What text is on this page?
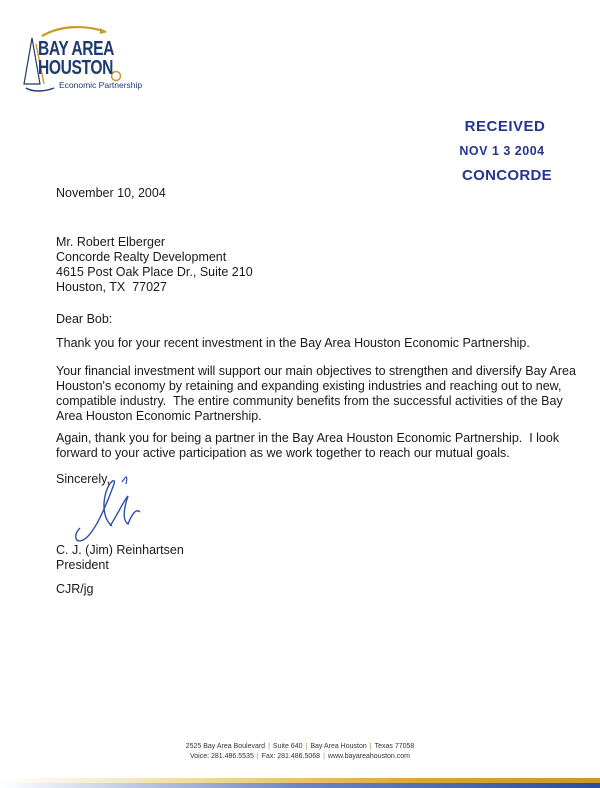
BAY AREA
HOUSTON
Economic Partnership
RECEIVED
NOV 1 3 2004
CONCORDE
November 10, 2004
Mr. Robert Elberger
Concorde Realty Development
4615 Post Oak Place Dr., Suite 210
Houston, TX  77027
Dear Bob:
Thank you for your recent investment in the Bay Area Houston Economic Partnership.
Your financial investment will support our main objectives to strengthen and diversify Bay Area Houston's economy by retaining and expanding existing industries and reaching out to new, compatible industry.  The entire community benefits from the successful activities of the Bay Area Houston Economic Partnership.
Again, thank you for being a partner in the Bay Area Houston Economic Partnership.  I look forward to your active participation as we work together to reach our mutual goals.
Sincerely,
C. J. (Jim) Reinhartsen
President
CJR/jg
2525 Bay Area Boulevard | Suite 640 | Bay Area Houston | Texas 77058
Voice: 281.486.5535 | Fax: 281.486.5068 | www.bayareahouston.com
